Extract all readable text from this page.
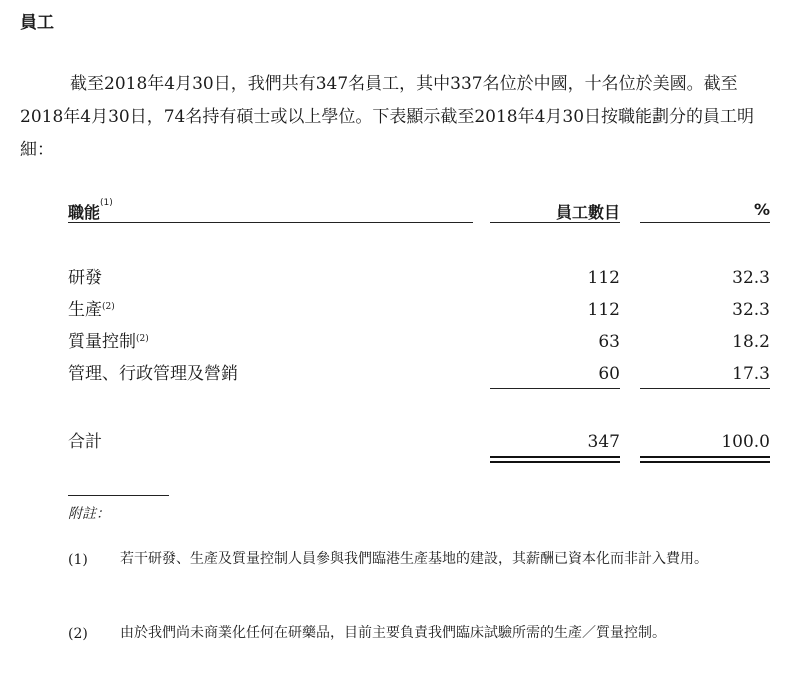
員工

截至2018年4月30日，我們共有347名員工，其中337名位於中國，十名位於美國。截至2018年4月30日，74名持有碩士或以上學位。下表顯示截至2018年4月30日按職能劃分的員工明細：

職能$^{(1)}$	員工數目	%
研發	112	32.3
生產$^{(2)}$	112	32.3
質量控制$^{(2)}$	63	18.2
管理、行政管理及營銷	60	17.3
合計	347	100.0
附註：
(1) 若干研發、生產及質量控制人員參與我們臨港生產基地的建設，其薪酬已資本化而非計入費用。
(2) 由於我們尚未商業化任何在研藥品，目前主要負責我們臨床試驗所需的生產／質量控制。
